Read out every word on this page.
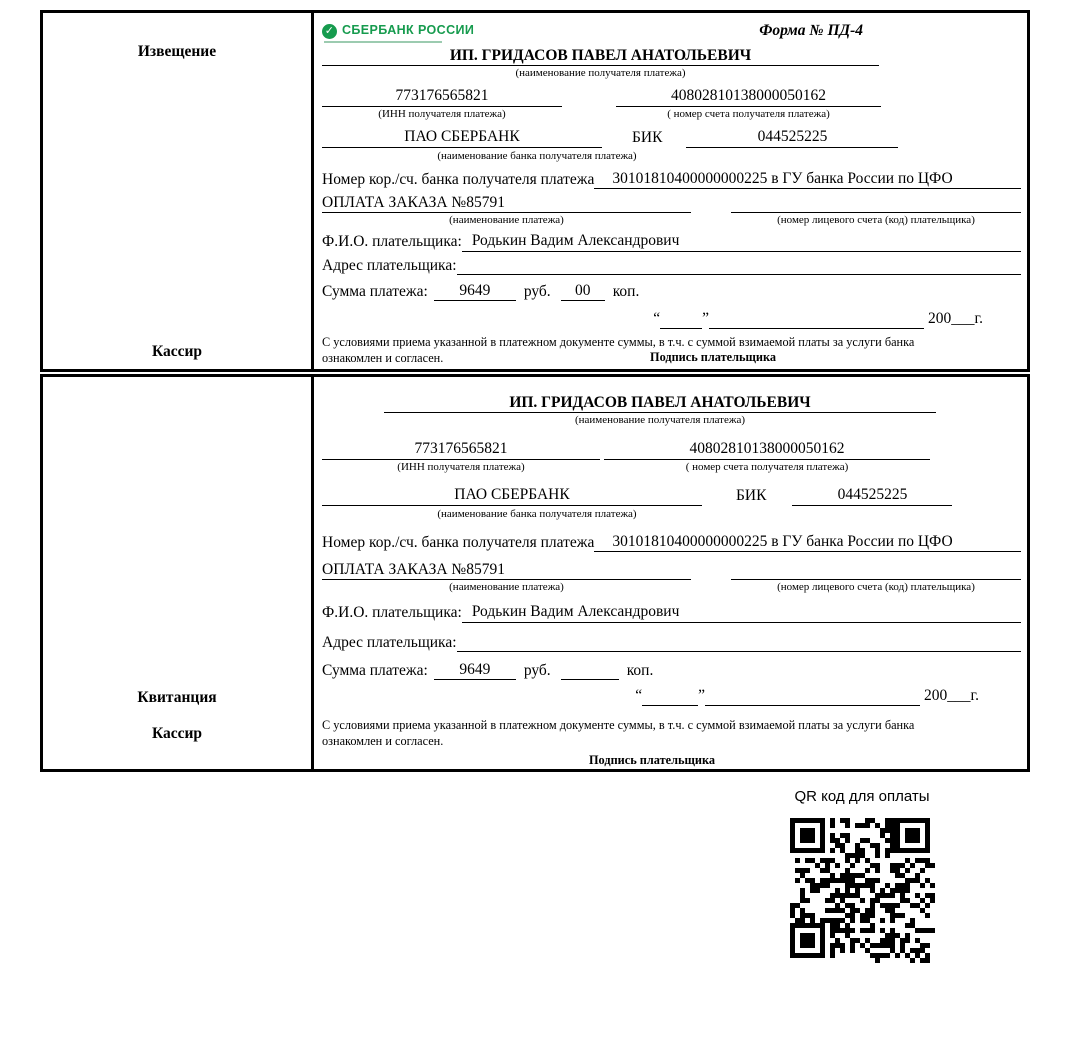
Извещение
Кассир
✓ СБЕРБАНК РОССИИ	Форма № ПД-4
ИП. ГРИДАСОВ ПАВЕЛ АНАТОЛЬЕВИЧ
(наименование получателя платежа)
773176565821	40802810138000050162
(ИНН получателя платежа)	( номер счета получателя платежа)
ПАО СБЕРБАНК	БИК	044525225
(наименование банка получателя платежа)
Номер кор./сч. банка получателя платежа	30101810400000000225 в ГУ банка России по ЦФО
ОПЛАТА ЗАКАЗА №85791
(наименование платежа)	(номер лицевого счета (код) плательщика)
Ф.И.О. плательщика: Родькин Вадим Александрович
Адрес плательщика:
Сумма платежа:	9649	руб.	00	коп.
“	”	200___г.
С условиями приема указанной в платежном документе суммы, в т.ч. с суммой взимаемой платы за услуги банка ознакомлен и согласен.	Подпись плательщика
Квитанция
Кассир
ИП. ГРИДАСОВ ПАВЕЛ АНАТОЛЬЕВИЧ
(наименование получателя платежа)
773176565821	40802810138000050162
(ИНН получателя платежа)	( номер счета получателя платежа)
ПАО СБЕРБАНК	БИК	044525225
(наименование банка получателя платежа)
Номер кор./сч. банка получателя платежа	30101810400000000225 в ГУ банка России по ЦФО
ОПЛАТА ЗАКАЗА №85791
(наименование платежа)	(номер лицевого счета (код) плательщика)
Ф.И.О. плательщика: Родькин Вадим Александрович
Адрес плательщика:
Сумма платежа:	9649	руб.	коп.
“	”	200___г.
С условиями приема указанной в платежном документе суммы, в т.ч. с суммой взимаемой платы за услуги банка ознакомлен и согласен.
Подпись плательщика
QR код для оплаты
